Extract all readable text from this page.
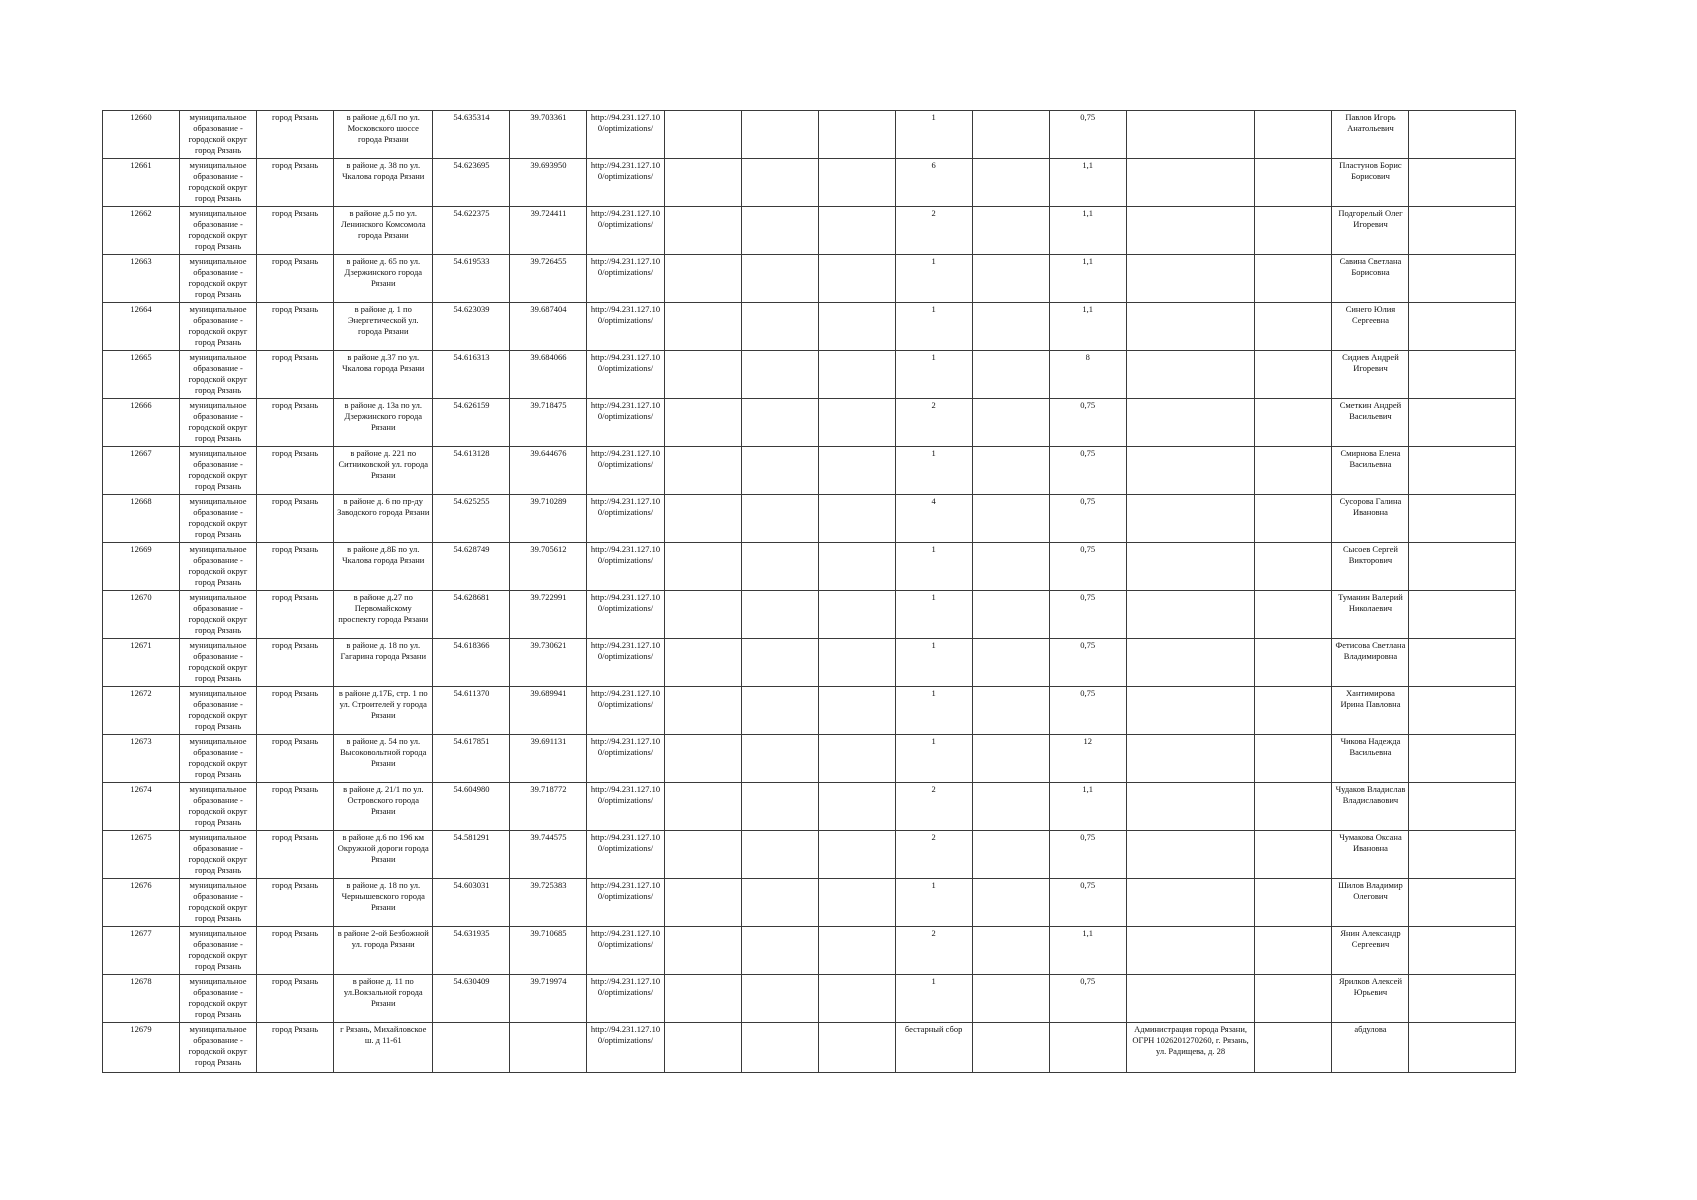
12660	муниципальное образование - городской округ город Рязань	город Рязань	в районе д.6Л по ул. Московского шоссе города Рязани	54.635314	39.703361	http://94.231.127.100/optimizations/				1		0,75			Павлов Игорь Анатольевич	
12661	муниципальное образование - городской округ город Рязань	город Рязань	в районе д. 38 по ул. Чкалова города Рязани	54.623695	39.693950	http://94.231.127.100/optimizations/				6		1,1			Пластунов Борис Борисович	
12662	муниципальное образование - городской округ город Рязань	город Рязань	в районе д.5 по ул. Ленинского Комсомола города Рязани	54.622375	39.724411	http://94.231.127.100/optimizations/				2		1,1			Подгорелый Олег Игоревич	
12663	муниципальное образование - городской округ город Рязань	город Рязань	в районе д. 65 по ул. Дзержинского города Рязани	54.619533	39.726455	http://94.231.127.100/optimizations/				1		1,1			Савина Светлана Борисовна	
12664	муниципальное образование - городской округ город Рязань	город Рязань	в районе д. 1 по Энергетической ул. города Рязани	54.623039	39.687404	http://94.231.127.100/optimizations/				1		1,1			Синего Юлия Сергеевна	
12665	муниципальное образование - городской округ город Рязань	город Рязань	в районе д.37 по ул. Чкалова города Рязани	54.616313	39.684066	http://94.231.127.100/optimizations/				1		8			Сидиев Андрей Игоревич	
12666	муниципальное образование - городской округ город Рязань	город Рязань	в районе д. 13а по ул. Дзержинского города Рязани	54.626159	39.718475	http://94.231.127.100/optimizations/				2		0,75			Сметкин Андрей Васильевич	
12667	муниципальное образование - городской округ город Рязань	город Рязань	в районе д. 221 по Ситниковской ул. города Рязани	54.613128	39.644676	http://94.231.127.100/optimizations/				1		0,75			Смирнова Елена Васильевна	
12668	муниципальное образование - городской округ город Рязань	город Рязань	в районе д. 6 по пр-ду Заводского города Рязани	54.625255	39.710289	http://94.231.127.100/optimizations/				4		0,75			Сусорова Галина Ивановна	
12669	муниципальное образование - городской округ город Рязань	город Рязань	в районе д.8Б по ул. Чкалова города Рязани	54.628749	39.705612	http://94.231.127.100/optimizations/				1		0,75			Сысоев Сергей Викторович	
12670	муниципальное образование - городской округ город Рязань	город Рязань	в районе д.27 по Первомайскому проспекту города Рязани	54.628681	39.722991	http://94.231.127.100/optimizations/				1		0,75			Туманин Валерий Николаевич	
12671	муниципальное образование - городской округ город Рязань	город Рязань	в районе д. 18 по ул. Гагарина города Рязани	54.618366	39.730621	http://94.231.127.100/optimizations/				1		0,75			Фетисова Светлана Владимировна	
12672	муниципальное образование - городской округ город Рязань	город Рязань	в районе д.17Б, стр. 1 по ул. Строителей у города Рязани	54.611370	39.689941	http://94.231.127.100/optimizations/				1		0,75			Хантимирова Ирина Павловна	
12673	муниципальное образование - городской округ город Рязань	город Рязань	в районе д. 54 по ул. Высоковольтной города Рязани	54.617851	39.691131	http://94.231.127.100/optimizations/				1		12			Чикова Надежда Васильевна	
12674	муниципальное образование - городской округ город Рязань	город Рязань	в районе д. 21/1 по ул. Островского города Рязани	54.604980	39.718772	http://94.231.127.100/optimizations/				2		1,1			Чудаков Владислав Владиславович	
12675	муниципальное образование - городской округ город Рязань	город Рязань	в районе д.6 по 196 км Окружной дороги города Рязани	54.581291	39.744575	http://94.231.127.100/optimizations/				2		0,75			Чумакова Оксана Ивановна	
12676	муниципальное образование - городской округ город Рязань	город Рязань	в районе д. 18 по ул. Чернышевского города Рязани	54.603031	39.725383	http://94.231.127.100/optimizations/				1		0,75			Шилов Владимир Олегович	
12677	муниципальное образование - городской округ город Рязань	город Рязань	в районе 2-ой Безбожной ул. города Рязани	54.631935	39.710685	http://94.231.127.100/optimizations/				2		1,1			Янин Александр Сергеевич	
12678	муниципальное образование - городской округ город Рязань	город Рязань	в районе д. 11 по ул.Вокзальной города Рязани	54.630409	39.719974	http://94.231.127.100/optimizations/				1		0,75			Ярилков Алексей Юрьевич	
12679	муниципальное образование - городской округ город Рязань	город Рязань	г Рязань, Михайловское ш. д 11-61			http://94.231.127.100/optimizations/				бестарный сбор			Администрация города Рязани, ОГРН 1026201270260, г. Рязань, ул. Радищева, д. 28		абдулова	
